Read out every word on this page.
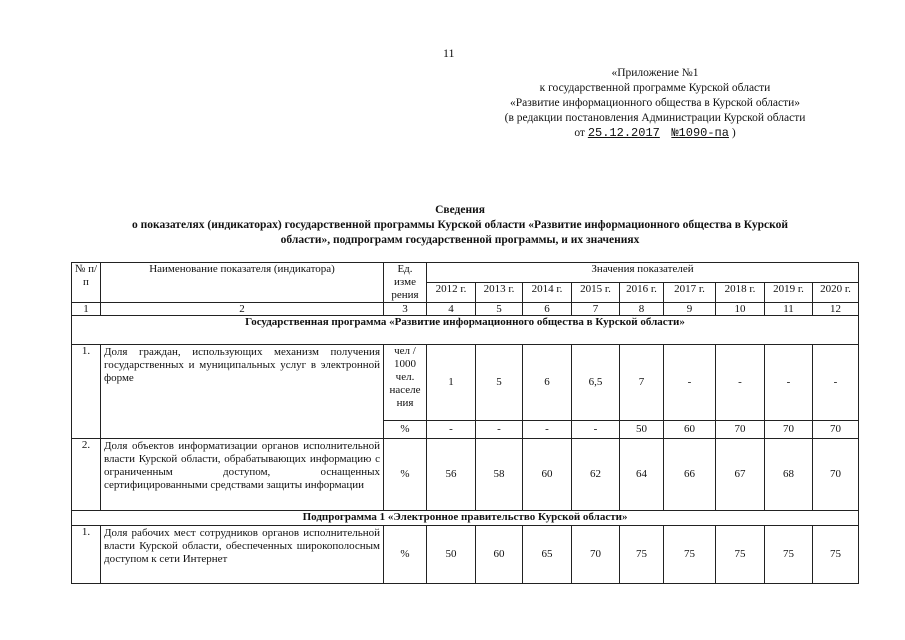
11
«Приложение №1
к государственной программе Курской области
«Развитие информационного общества в Курской области»
(в редакции постановления Администрации Курской области
от 25.12.2017 №1090-па )
Сведения
о показателях (индикаторах) государственной программы Курской области «Развитие информационного общества в Курской
области», подпрограмм государственной программы, и их значениях
№ п/п	Наименование показателя (индикатора)	Ед. изме рения	Значения показателей								
			2012 г.	2013 г.	2014 г.	2015 г.	2016 г.	2017 г.	2018 г.	2019 г.	2020 г.
1	2	3	4	5	6	7	8	9	10	11	12
Государственная программа «Развитие информационного общества в Курской области»											
1.	Доля граждан, использующих механизм получения государственных и муниципальных услуг в электронной форме	чел / 1000 чел. населе ния	1	5	6	6,5	7	-	-	-	-
		%	-	-	-	-	50	60	70	70	70
2.	Доля объектов информатизации органов исполнительной власти Курской области, обрабатывающих информацию с ограниченным доступом, оснащенных сертифицированными средствами защиты информации	%	56	58	60	62	64	66	67	68	70
Подпрограмма 1 «Электронное правительство Курской области»											
1.	Доля рабочих мест сотрудников органов исполнительной власти Курской области, обеспеченных широкополосным доступом к сети Интернет	%	50	60	65	70	75	75	75	75	75
